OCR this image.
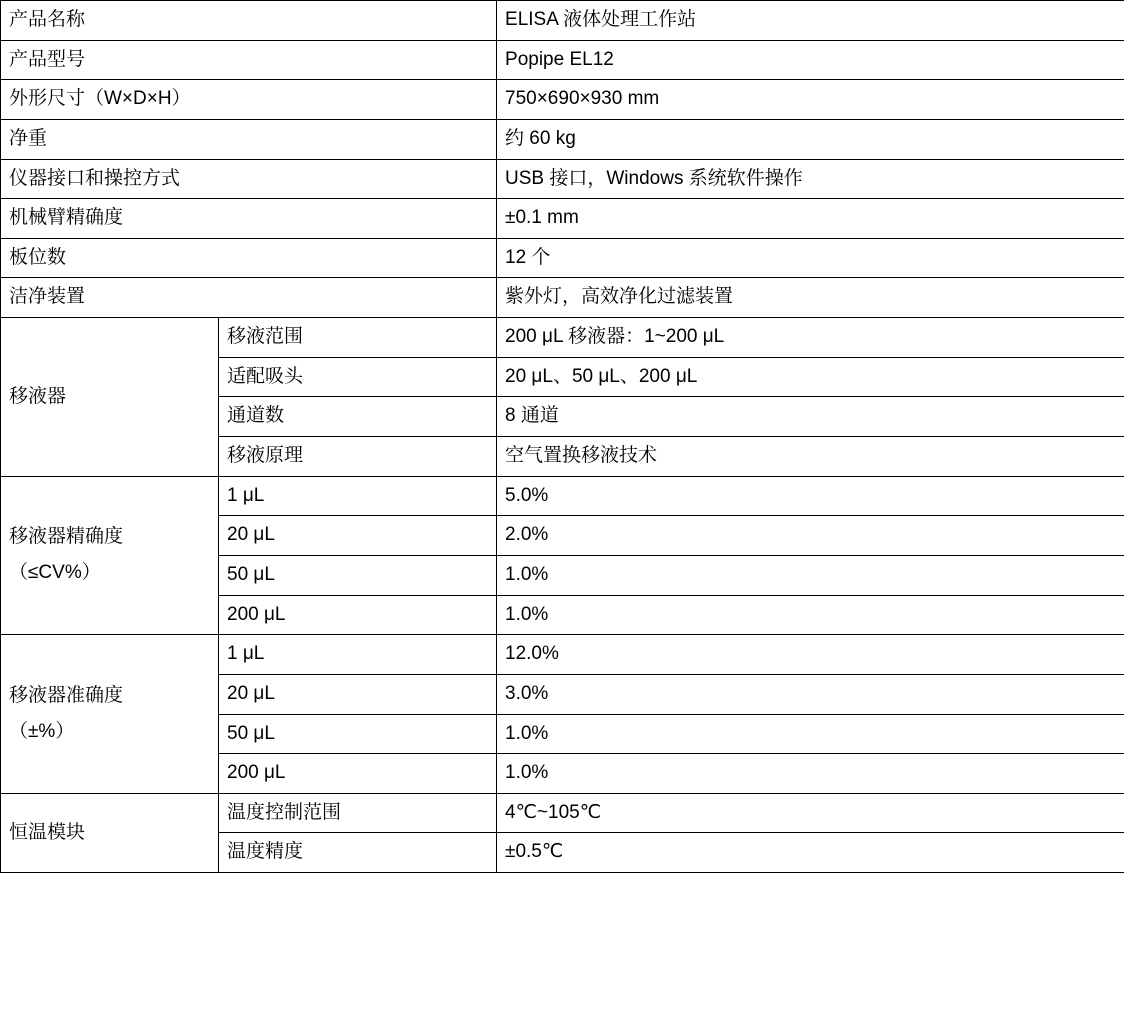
产品名称		ELISA 液体处理工作站
产品型号		Popipe EL12
外形尺寸（W×D×H）		750×690×930 mm
净重		约 60 kg
仪器接口和操控方式		USB 接口，Windows 系统软件操作
机械臂精确度		±0.1 mm
板位数		12 个
洁净装置		紫外灯，高效净化过滤装置

移液器	移液范围	200 μL 移液器：1~200 μL
	适配吸头	20 μL、50 μL、200 μL
	通道数	8 通道
	移液原理	空气置换移液技术

移液器精确度
（≤CV%）	1 μL	5.0%
	20 μL	2.0%
	50 μL	1.0%
	200 μL	1.0%

移液器准确度
（±%）	1 μL	12.0%
	20 μL	3.0%
	50 μL	1.0%
	200 μL	1.0%

恒温模块	温度控制范围	4℃~105℃
	温度精度	±0.5℃
